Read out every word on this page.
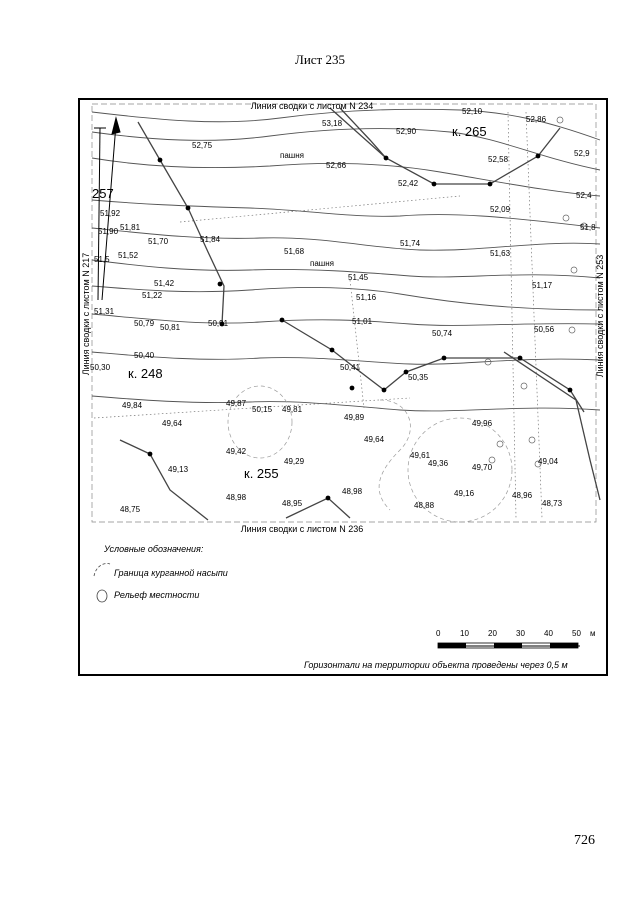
Лист 235
Линия сводки с листом N 234
Линия сводки с листом N 236
Линия сводки с листом N 217	Линия сводки с листом N 253
к. 265
к. 248
к. 255
257
пашня
пашня
53,18
52,75
52,90
52,66
52,58
52,42
52,86
52,9
52,4
52,09
52,10
51,92
51,81
51,90
51,70	51,84
51,68
51,74
51,63
51,8
51,52
51,45
51,42	51,17
51,22	51,16
51,31
51,01
50,79 50,81	50,91
50,74	50,56
50,40
50,30	50,41
50,35
49,84	49,87
50,15 49,81
49,89
49,64
49,64
49,96
49,42	49,61
49,36
49,29
49,70
49,04
49,13
48,98	49,16	48,96
48,73
48,75
48,95	48,88
48,98
51,5
Условные обозначения:
Граница курганной насыпи
Рельеф местности
0 10 20 30 40 50 м
Горизонтали на территории объекта проведены через 0,5 м
726
